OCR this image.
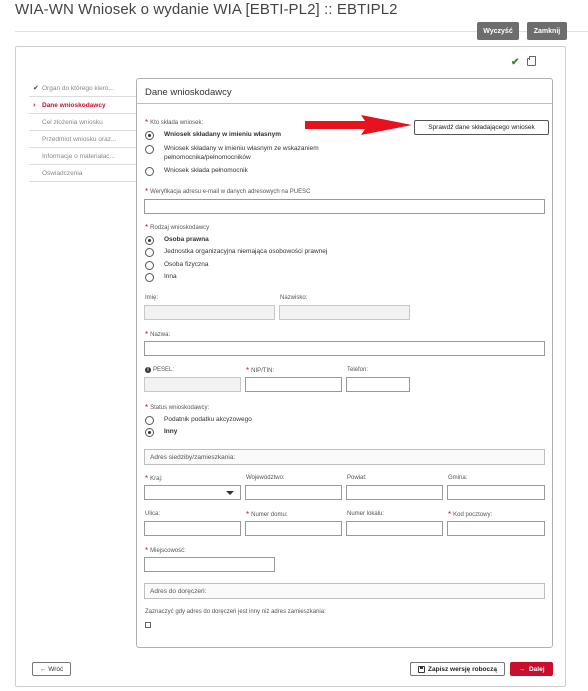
WIA-WN Wniosek o wydanie WIA [EBTI-PL2] :: EBTIPL2
Wyczyść	Zamknij
✔
✔ Organ do którego kiero...
›	Dane wnioskodawcy
Cel złożenia wniosku
Przedmiot wniosku oraz...
Informacje o materiałac...
Oświadczenia
Dane wnioskodawcy
* Kto składa wniosek:
Wniosek składany w imieniu własnym
Wniosek składany w imieniu własnym ze wskazaniem pełnomocnika/pełnomocników
Wniosek składa pełnomocnik
Sprawdź dane składającego wniosek
* Weryfikacja adresu e-mail w danych adresowych na PUESC
* Rodzaj wnioskodawcy
Osoba prawna
Jednostka organizacyjna niemająca osobowości prawnej
Osoba fizyczna
Inna
Imię:	Nazwisko:
* Nazwa:
i PESEL:	* NIP/TIN:	Telefon:
* Status wnioskodawcy:
Podatnik podatku akcyzowego
Inny
Adres siedziby/zamieszkania:
* Kraj:	Województwo:	Powiat:	Gmina:
Ulica:	* Numer domu:	Numer lokalu:	* Kod pocztowy:
* Miejscowość:
Adres do doręczeń:
Zaznaczyć gdy adres do doręczeń jest inny niż adres zamieszkania:
← Wróć	Zapisz wersję roboczą	→ Dalej
